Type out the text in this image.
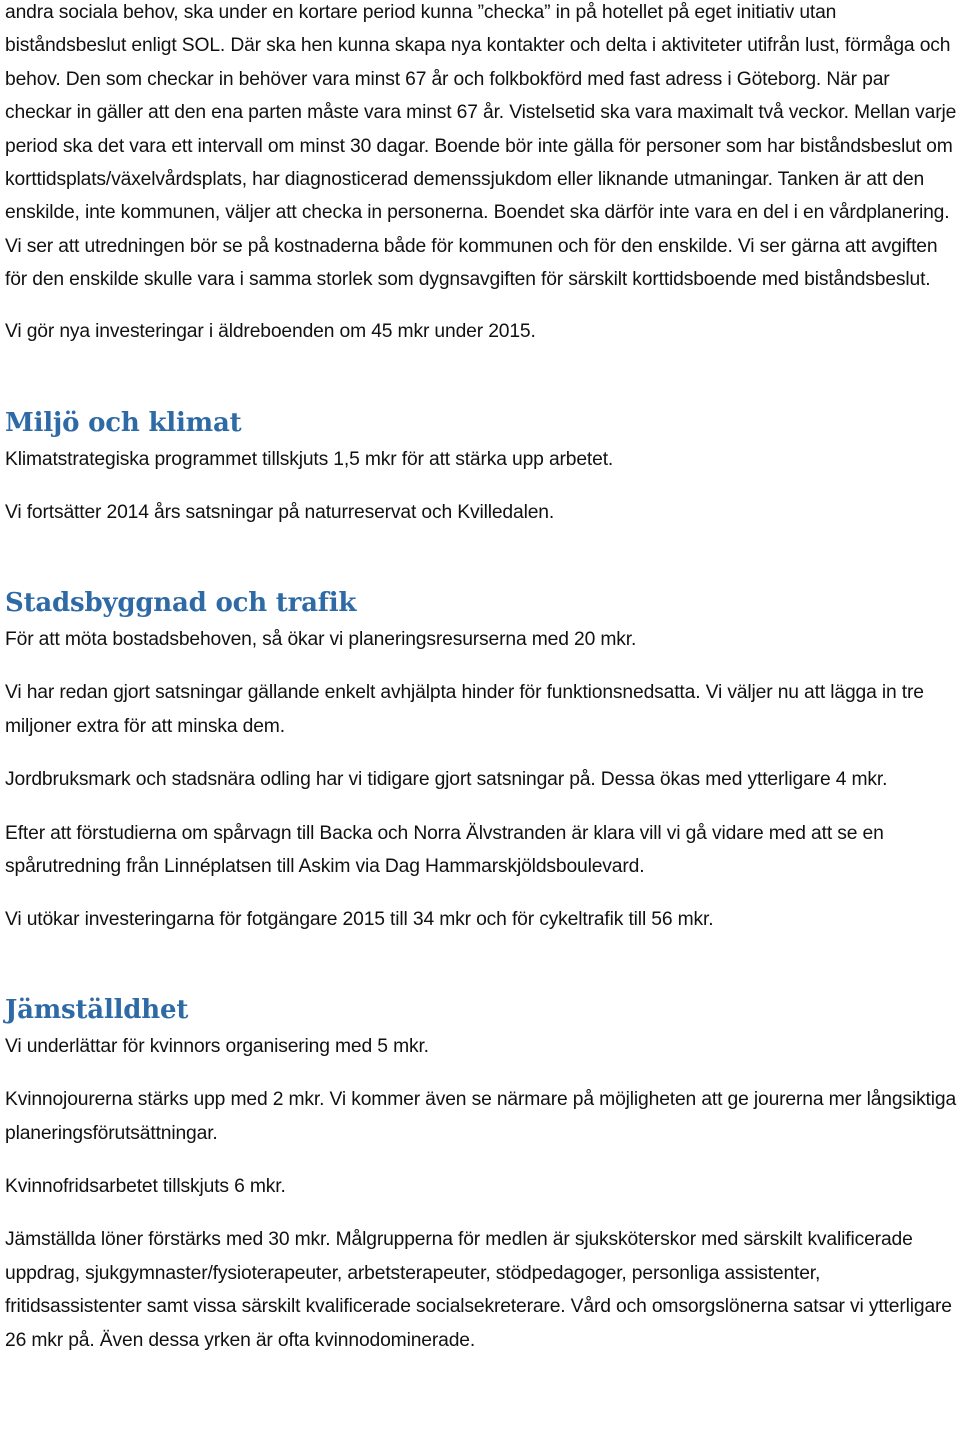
andra sociala behov, ska under en kortare period kunna ”checka” in på hotellet på eget initiativ utan biståndsbeslut enligt SOL. Där ska hen kunna skapa nya kontakter och delta i aktiviteter utifrån lust, förmåga och behov. Den som checkar in behöver vara minst 67 år och folkbokförd med fast adress i Göteborg. När par checkar in gäller att den ena parten måste vara minst 67 år. Vistelsetid ska vara maximalt två veckor. Mellan varje period ska det vara ett intervall om minst 30 dagar. Boende bör inte gälla för personer som har biståndsbeslut om korttidsplats/växelvårdsplats, har diagnosticerad demenssjukdom eller liknande utmaningar. Tanken är att den enskilde, inte kommunen, väljer att checka in personerna. Boendet ska därför inte vara en del i en vårdplanering. Vi ser att utredningen bör se på kostnaderna både för kommunen och för den enskilde. Vi ser gärna att avgiften för den enskilde skulle vara i samma storlek som dygnsavgiften för särskilt korttidsboende med biståndsbeslut.

Vi gör nya investeringar i äldreboenden om 45 mkr under 2015.

Miljö och klimat

Klimatstrategiska programmet tillskjuts 1,5 mkr för att stärka upp arbetet.

Vi fortsätter 2014 års satsningar på naturreservat och Kvilledalen.

Stadsbyggnad och trafik

För att möta bostadsbehoven, så ökar vi planeringsresurserna med 20 mkr.

Vi har redan gjort satsningar gällande enkelt avhjälpta hinder för funktionsnedsatta. Vi väljer nu att lägga in tre miljoner extra för att minska dem.

Jordbruksmark och stadsnära odling har vi tidigare gjort satsningar på. Dessa ökas med ytterligare 4 mkr.

Efter att förstudierna om spårvagn till Backa och Norra Älvstranden är klara vill vi gå vidare med att se en spårutredning från Linnéplatsen till Askim via Dag Hammarskjöldsboulevard.

Vi utökar investeringarna för fotgängare 2015 till 34 mkr och för cykeltrafik till 56 mkr.

Jämställdhet

Vi underlättar för kvinnors organisering med 5 mkr.

Kvinnojourerna stärks upp med 2 mkr. Vi kommer även se närmare på möjligheten att ge jourerna mer långsiktiga planeringsförutsättningar.

Kvinnofridsarbetet tillskjuts 6 mkr.

Jämställda löner förstärks med 30 mkr. Målgrupperna för medlen är sjuksköterskor med särskilt kvalificerade uppdrag, sjukgymnaster/fysioterapeuter, arbetsterapeuter, stödpedagoger, personliga assistenter, fritidsassistenter samt vissa särskilt kvalificerade socialsekreterare. Vård och omsorgslönerna satsar vi ytterligare 26 mkr på. Även dessa yrken är ofta kvinnodominerade.
